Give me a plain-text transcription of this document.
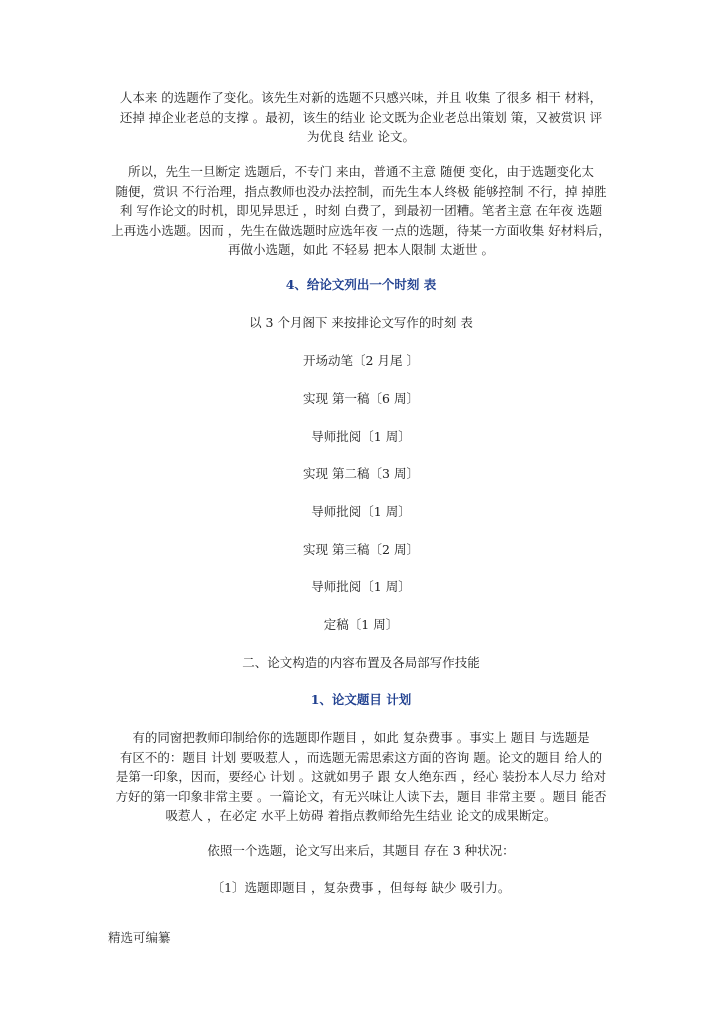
人本来 的选题作了变化。该先生对新的选题不只感兴味，并且 收集 了很多 相干 材料，
还掉 掉企业老总的支撑 。最初，该生的结业 论文既为企业老总出策划 策，又被赏识 评
为优良 结业 论文。
所以，先生一旦断定 选题后，不专门 来由，普通不主意 随便 变化，由于选题变化太
随便，赏识 不行治理，指点教师也没办法控制，而先生本人终极 能够控制 不行，掉 掉胜
利 写作论文的时机，即见异思迁 ，时刻 白费了，到最初一团糟。笔者主意 在年夜 选题
上再选小选题。因而 ，先生在做选题时应选年夜 一点的选题，待某一方面收集 好材料后，
再做小选题，如此 不轻易 把本人限制 太逝世 。

4、给论文列出一个时刻 表

以 3 个月阁下 来按排论文写作的时刻 表

开场动笔〔2 月尾 〕

实现 第一稿〔6 周〕

导师批阅〔1 周〕

实现 第二稿〔3 周〕

导师批阅〔1 周〕

实现 第三稿〔2 周〕

导师批阅〔1 周〕

定稿〔1 周〕

二、论文构造的内容布置及各局部写作技能

1、论文题目 计划

有的同窗把教师印制给你的选题即作题目 ，如此 复杂费事 。事实上 题目 与选题是
有区不的：题目 计划 要吸惹人 ，而选题无需思索这方面的咨询 题。论文的题目 给人的
是第一印象，因而，要经心 计划 。这就如男子 跟 女人绝东西 ，经心 装扮本人尽力 给对
方好的第一印象非常主要 。一篇论文，有无兴味让人读下去，题目 非常主要 。题目 能否
吸惹人 ，在必定 水平上妨碍 着指点教师给先生结业 论文的成果断定。

依照一个选题，论文写出来后，其题目 存在 3 种状况：

〔1〕选题即题目 ，复杂费事 ，但每每 缺少 吸引力。

精选可编纂
